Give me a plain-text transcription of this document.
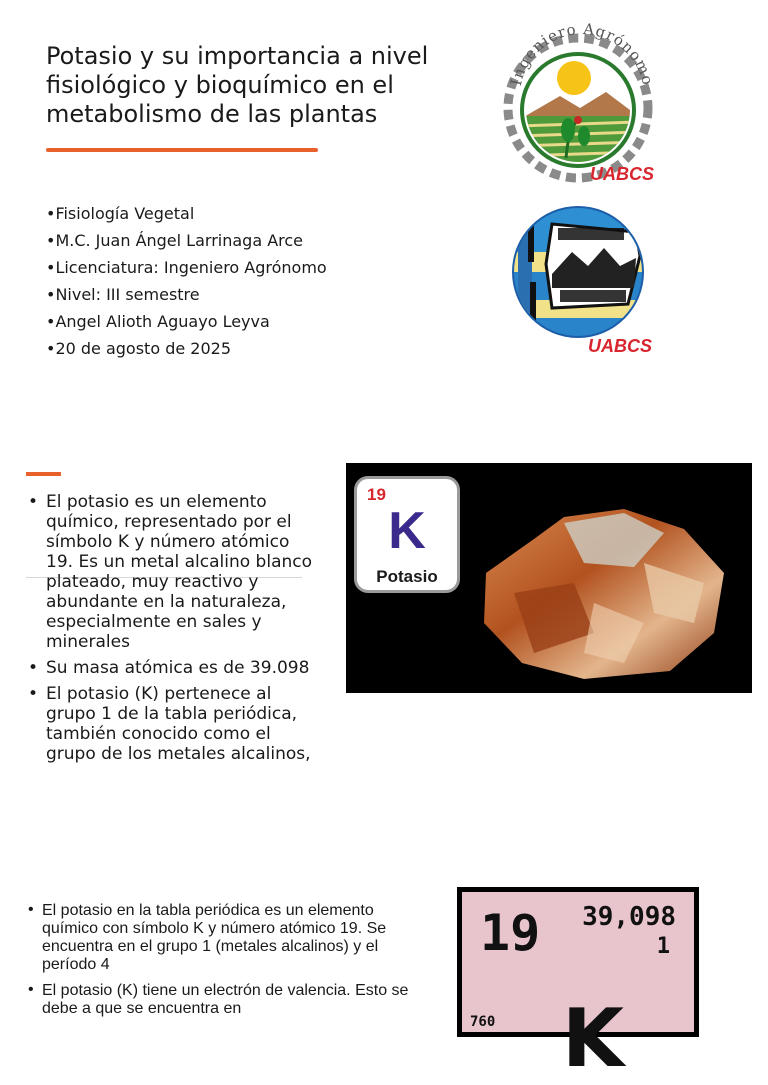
Potasio y su importancia a nivel fisiológico y bioquímico en el metabolismo de las plantas
•Fisiología Vegetal
•M.C. Juan Ángel Larrinaga Arce
•Licenciatura: Ingeniero Agrónomo
•Nivel: III semestre
•Angel Alioth Aguayo Leyva
•20 de agosto de 2025
Ingeniero Agrónomo
UABCS
UABCS
• El potasio es un elemento químico, representado por el símbolo K y número atómico 19. Es un metal alcalino blanco plateado, muy reactivo y abundante en la naturaleza, especialmente en sales y minerales
• Su masa atómica es de 39.098
• El potasio (K) pertenece al grupo 1 de la tabla periódica, también conocido como el grupo de los metales alcalinos,
19
K
Potasio
• El potasio en la tabla periódica es un elemento químico con símbolo K y número atómico 19. Se encuentra en el grupo 1 (metales alcalinos) y el período 4
• El potasio (K) tiene un electrón de valencia. Esto se debe a que se encuentra en
19 39,098
1
760 K
